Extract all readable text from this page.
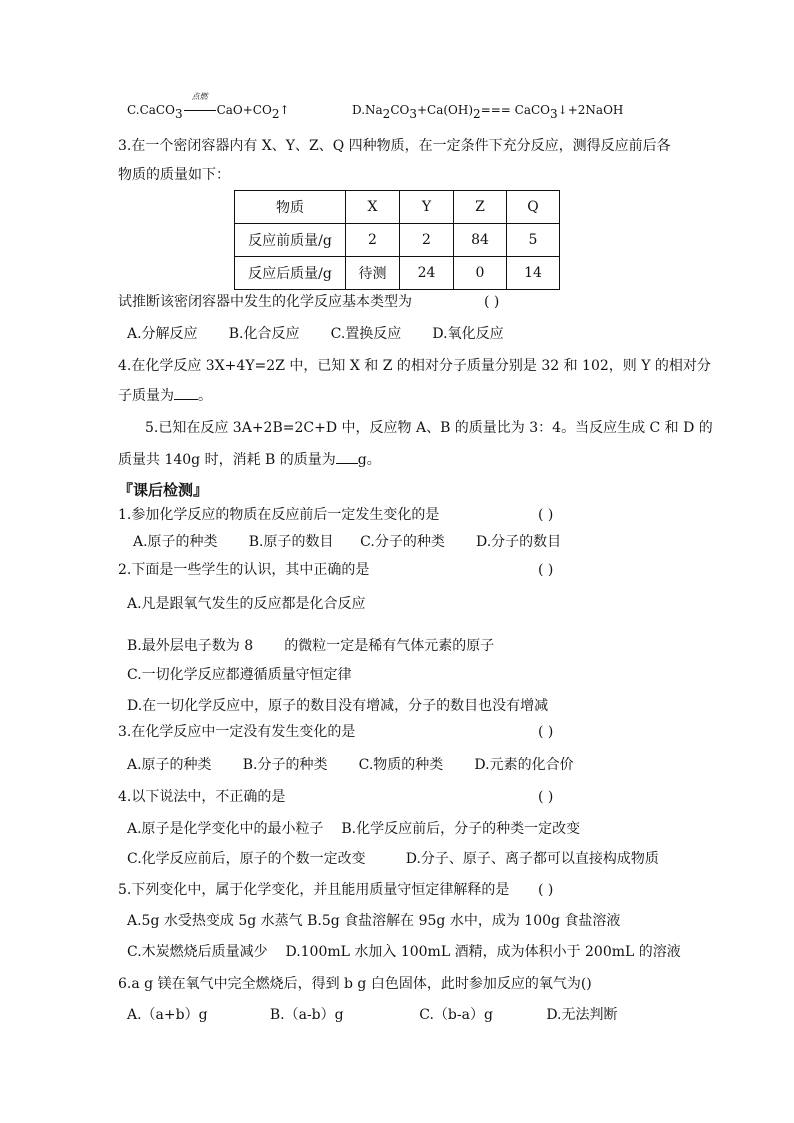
C.CaCO$_3$
点燃
$CaO+CO_2↑$	$D.Na_2CO_3+Ca(OH)_2===$ CaCO$_3$↓+2NaOH
3.在一个密闭容器内有 X、Y、Z、Q 四种物质，在一定条件下充分反应，测得反应前后各
物质的质量如下：
物质	X	Y	Z	Q
反应前质量/g	2	2	84	5
反应后质量/g	待测	24	0	14
试推断该密闭容器中发生的化学反应基本类型为	( )
A.分解反应       B.化合反应       C.置换反应       D.氧化反应
4.在化学反应 3X+4Y=2Z 中，已知 X 和 Z 的相对分子质量分别是 32 和 102，则 Y 的相对分
子质量为 。
5.已知在反应 3A+2B=2C+D 中，反应物 A、B 的质量比为 3：4。当反应生成 C 和 D 的
质量共 140g 时，消耗 B 的质量为 g。
『课后检测』
1.参加化学反应的物质在反应前后一定发生变化的是	( )
A.原子的种类       B.原子的数目      C.分子的种类       D.分子的数目
2.下面是一些学生的认识，其中正确的是	( )
A.凡是跟氧气发生的反应都是化合反应
B.最外层电子数为 8       的微粒一定是稀有气体元素的原子
C.一切化学反应都遵循质量守恒定律
D.在一切化学反应中，原子的数目没有增减，分子的数目也没有增减
3.在化学反应中一定没有发生变化的是	( )
A.原子的种类       B.分子的种类       C.物质的种类       D.元素的化合价
4.以下说法中，不正确的是	( )
A.原子是化学变化中的最小粒子    B.化学反应前后，分子的种类一定改变
C.化学反应前后，原子的个数一定改变         D.分子、原子、离子都可以直接构成物质
5.下列变化中，属于化学变化，并且能用质量守恒定律解释的是 ( )
A.5g 水受热变成 5g 水蒸气 B.5g 食盐溶解在 95g 水中，成为 100g 食盐溶液
C.木炭燃烧后质量减少    D.100mL 水加入 100mL 酒精，成为体积小于 200mL 的溶液
6.a g 镁在氧气中完全燃烧后，得到 b g 白色固体，此时参加反应的氧气为()
A.（a+b）g              B.（a-b）g                 C.（b-a）g            D.无法判断
